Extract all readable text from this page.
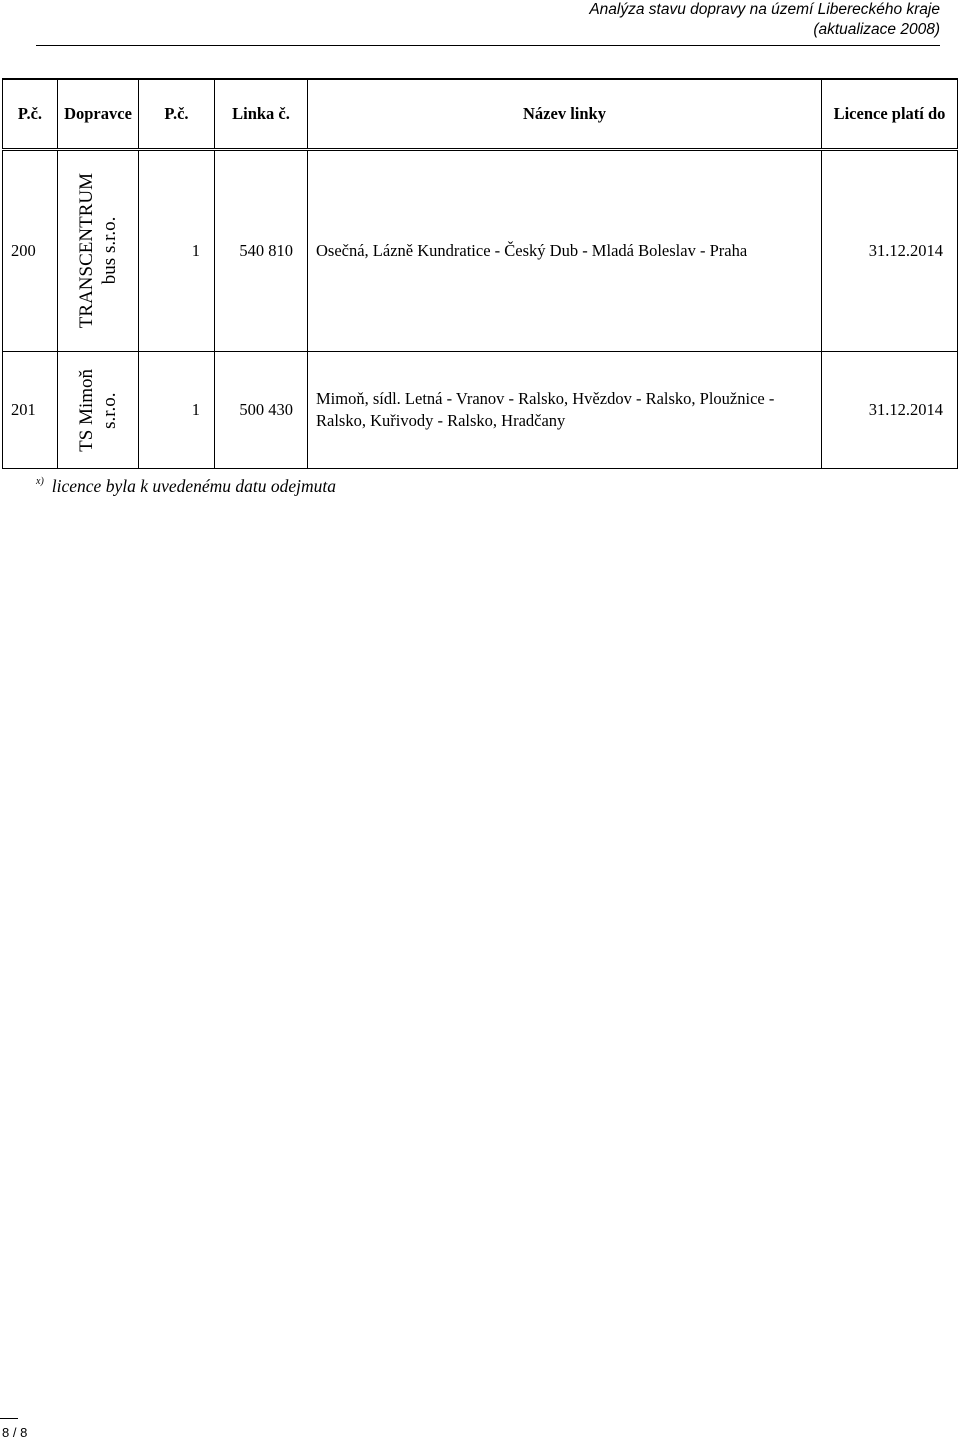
Analýza stavu dopravy na území Libereckého kraje
(aktualizace 2008)
P.č.	Dopravce	P.č.	Linka č.	Název linky	Licence platí do
200	TRANSCENTRUM bus s.r.o.	1	540 810	Osečná, Lázně Kundratice - Český Dub - Mladá Boleslav - Praha	31.12.2014
201	TS Mimoň s.r.o.	1	500 430	Mimoň, sídl. Letná - Vranov - Ralsko, Hvězdov - Ralsko, Ploužnice - Ralsko, Kuřivody - Ralsko, Hradčany	31.12.2014
$^{x)}$ licence byla k uvedenému datu odejmuta
8 / 8
